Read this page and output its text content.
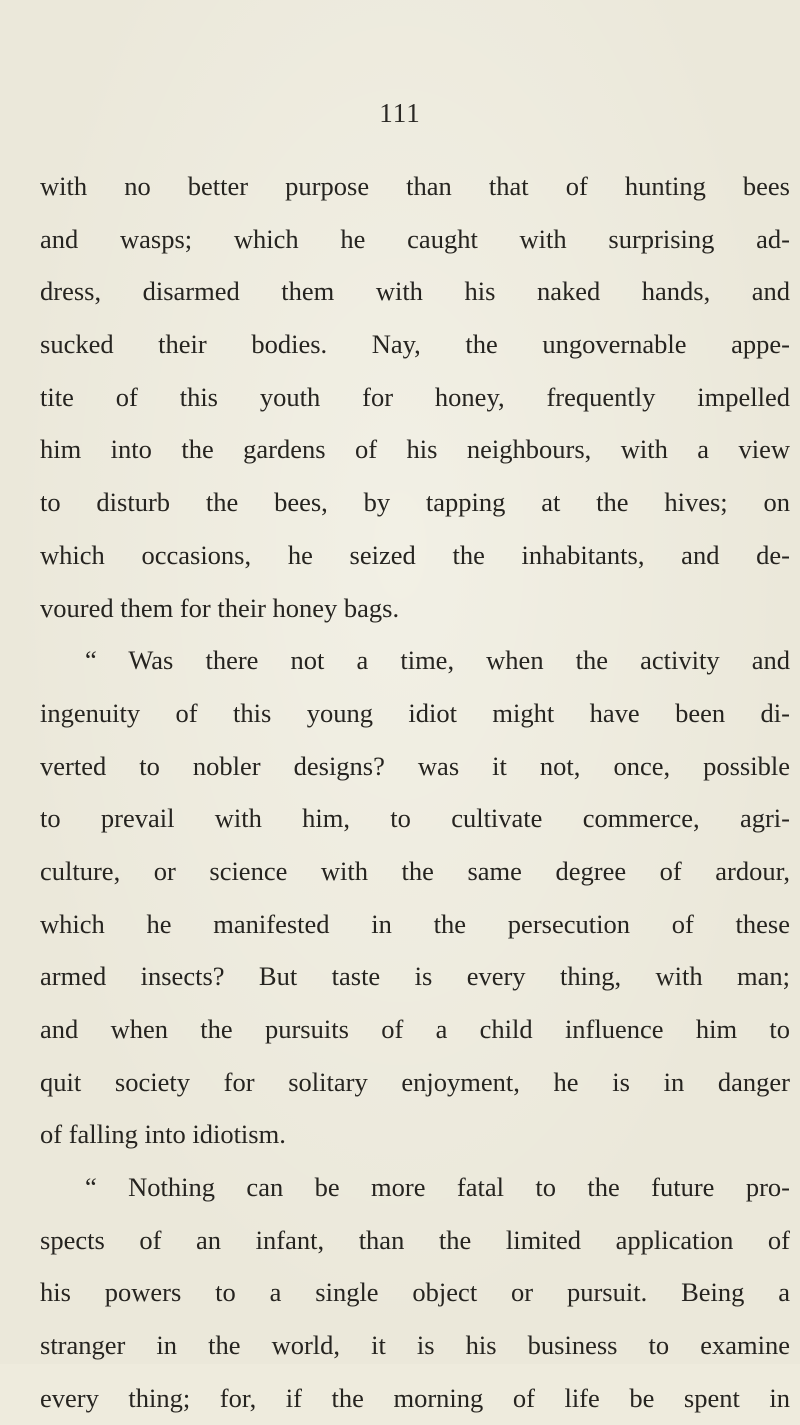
111
with no better purpose than that of hunting bees
and wasps; which he caught with surprising ad-
dress, disarmed them with his naked hands, and
sucked their bodies. Nay, the ungovernable appe-
tite of this youth for honey, frequently impelled
him into the gardens of his neighbours, with a view
to disturb the bees, by tapping at the hives; on
which occasions, he seized the inhabitants, and de-
voured them for their honey bags.
“ Was there not a time, when the activity and
ingenuity of this young idiot might have been di-
verted to nobler designs? was it not, once, possible
to prevail with him, to cultivate commerce, agri-
culture, or science with the same degree of ardour,
which he manifested in the persecution of these
armed insects? But taste is every thing, with man;
and when the pursuits of a child influence him to
quit society for solitary enjoyment, he is in danger
of falling into idiotism.
“ Nothing can be more fatal to the future pro-
spects of an infant, than the limited application of
his powers to a single object or pursuit. Being a
stranger in the world, it is his business to examine
every thing; for, if the morning of life be spent in
